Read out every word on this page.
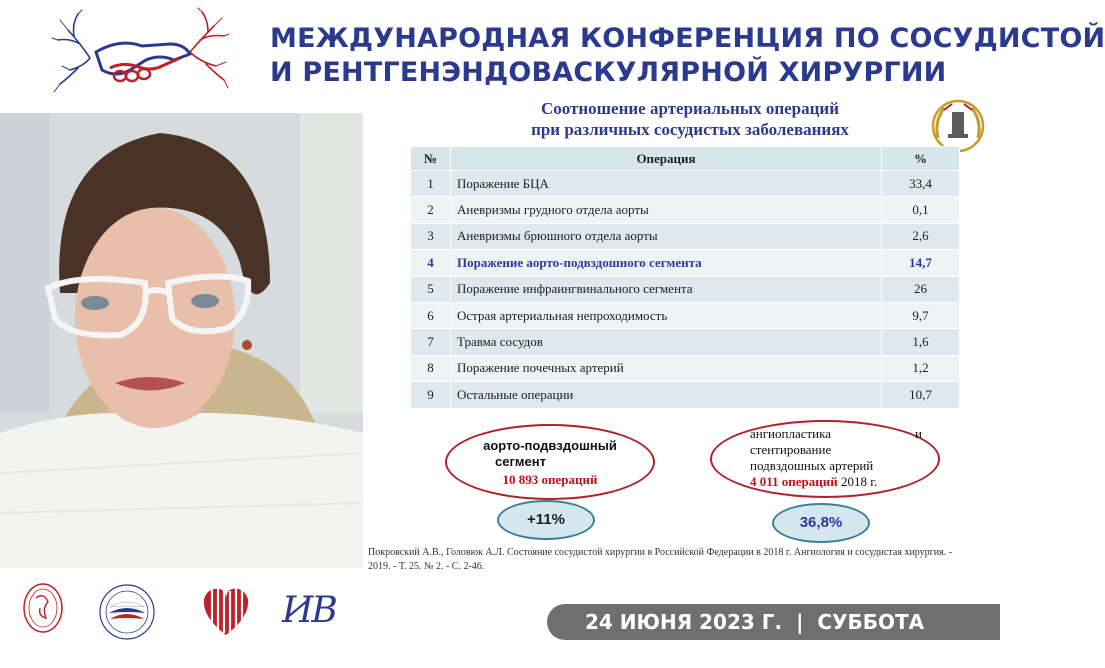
МЕЖДУНАРОДНАЯ КОНФЕРЕНЦИЯ ПО СОСУДИСТОЙ
И РЕНТГЕНЭНДОВАСКУЛЯРНОЙ ХИРУРГИИ
Соотношение артериальных операций
при различных сосудистых заболеваниях
№	Операция	%
1	Поражение БЦА	33,4
2	Аневризмы грудного отдела аорты	0,1
3	Аневризмы брюшного отдела аорты	2,6
4	Поражение аорто-подвздошного сегмента	14,7
5	Поражение инфраингвинального сегмента	26
6	Острая артериальная непроходимость	9,7
7	Травма сосудов	1,6
8	Поражение почечных артерий	1,2
9	Остальные операции	10,7
аорто-подвздошный
сегмент
10 893 операций
ангиопластика	и
стентирование
подвздошных артерий
4 011 операций 2018 г.
+11%	36,8%
Покровский А.В., Головюк А.Л. Состояние сосудистой хирургии в Российской Федерации в 2018 г. Ангиология и сосудистая хирургия. -
2019. - Т. 25. № 2. - С. 2-46.
ИВ	24 ИЮНЯ 2023 Г. | СУББОТА
